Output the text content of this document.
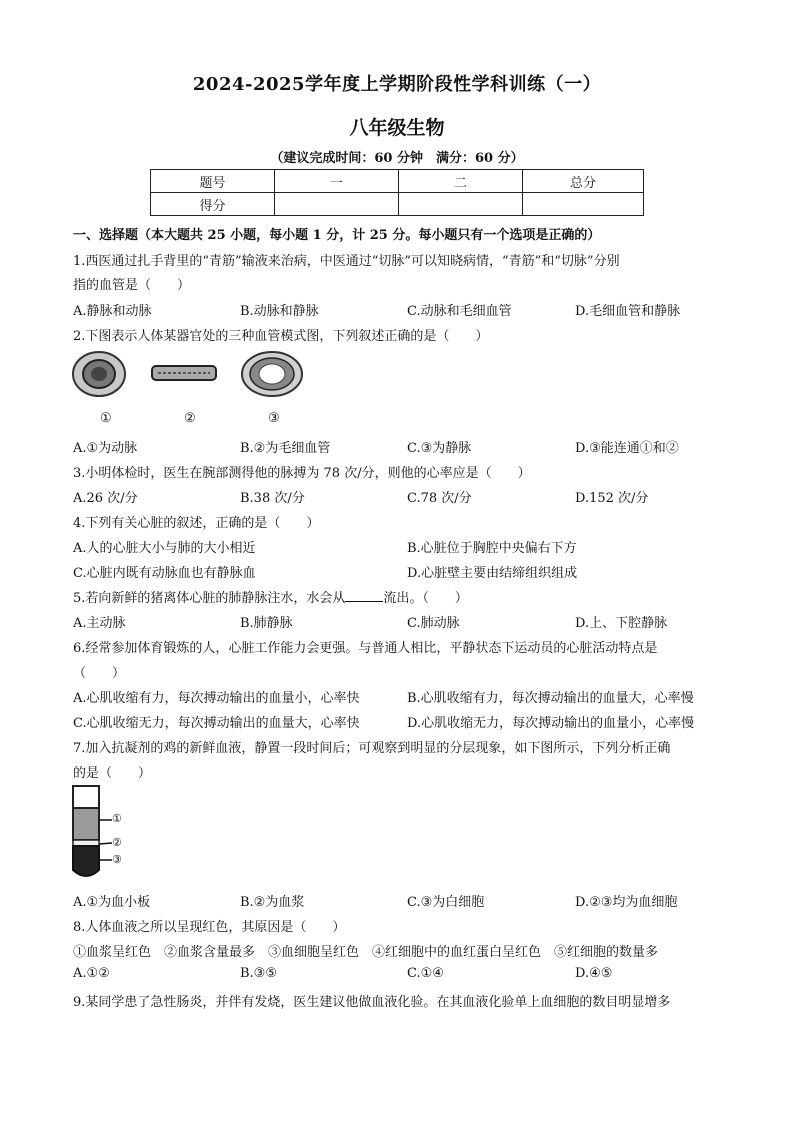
2024-2025学年度上学期阶段性学科训练（一）
八年级生物
（建议完成时间：60 分钟　满分：60 分）
题号	一	二	总分
得分			
一、选择题（本大题共 25 小题，每小题 1 分，计 25 分。每小题只有一个选项是正确的）
1.西医通过扎手背里的“青筋”输液来治病，中医通过“切脉”可以知晓病情，“青筋”和“切脉”分别
指的血管是（　　）
A.静脉和动脉	B.动脉和静脉	C.动脉和毛细血管	D.毛细血管和静脉
2.下图表示人体某器官处的三种血管模式图，下列叙述正确的是（　　）
①	②	③
A.①为动脉	B.②为毛细血管	C.③为静脉	D.③能连通①和②
3.小明体检时，医生在腕部测得他的脉搏为 78 次/分，则他的心率应是（　　）
A.26 次/分	B.38 次/分	C.78 次/分	D.152 次/分
4.下列有关心脏的叙述，正确的是（　　）
A.人的心脏大小与肺的大小相近	B.心脏位于胸腔中央偏右下方
C.心脏内既有动脉血也有静脉血	D.心脏壁主要由结缔组织组成
5.若向新鲜的猪离体心脏的肺静脉注水，水会从	流出。（　　）
A.主动脉	B.肺静脉	C.肺动脉	D.上、下腔静脉
6.经常参加体育锻炼的人，心脏工作能力会更强。与普通人相比，平静状态下运动员的心脏活动特点是
（　　）
A.心肌收缩有力，每次搏动输出的血量小，心率快	B.心肌收缩有力，每次搏动输出的血量大，心率慢
C.心肌收缩无力，每次搏动输出的血量大，心率快	D.心肌收缩无力，每次搏动输出的血量小，心率慢
7.加入抗凝剂的鸡的新鲜血液，静置一段时间后；可观察到明显的分层现象，如下图所示，下列分析正确
的是（　　）
①
②
③
A.①为血小板	B.②为血浆	C.③为白细胞	D.②③均为血细胞
8.人体血液之所以呈现红色，其原因是（　　）
①血浆呈红色　②血浆含量最多　③血细胞呈红色　④红细胞中的血红蛋白呈红色　⑤红细胞的数量多
A.①②	B.③⑤	C.①④	D.④⑤
9.某同学患了急性肠炎，并伴有发烧，医生建议他做血液化验。在其血液化验单上血细胞的数目明显增多
